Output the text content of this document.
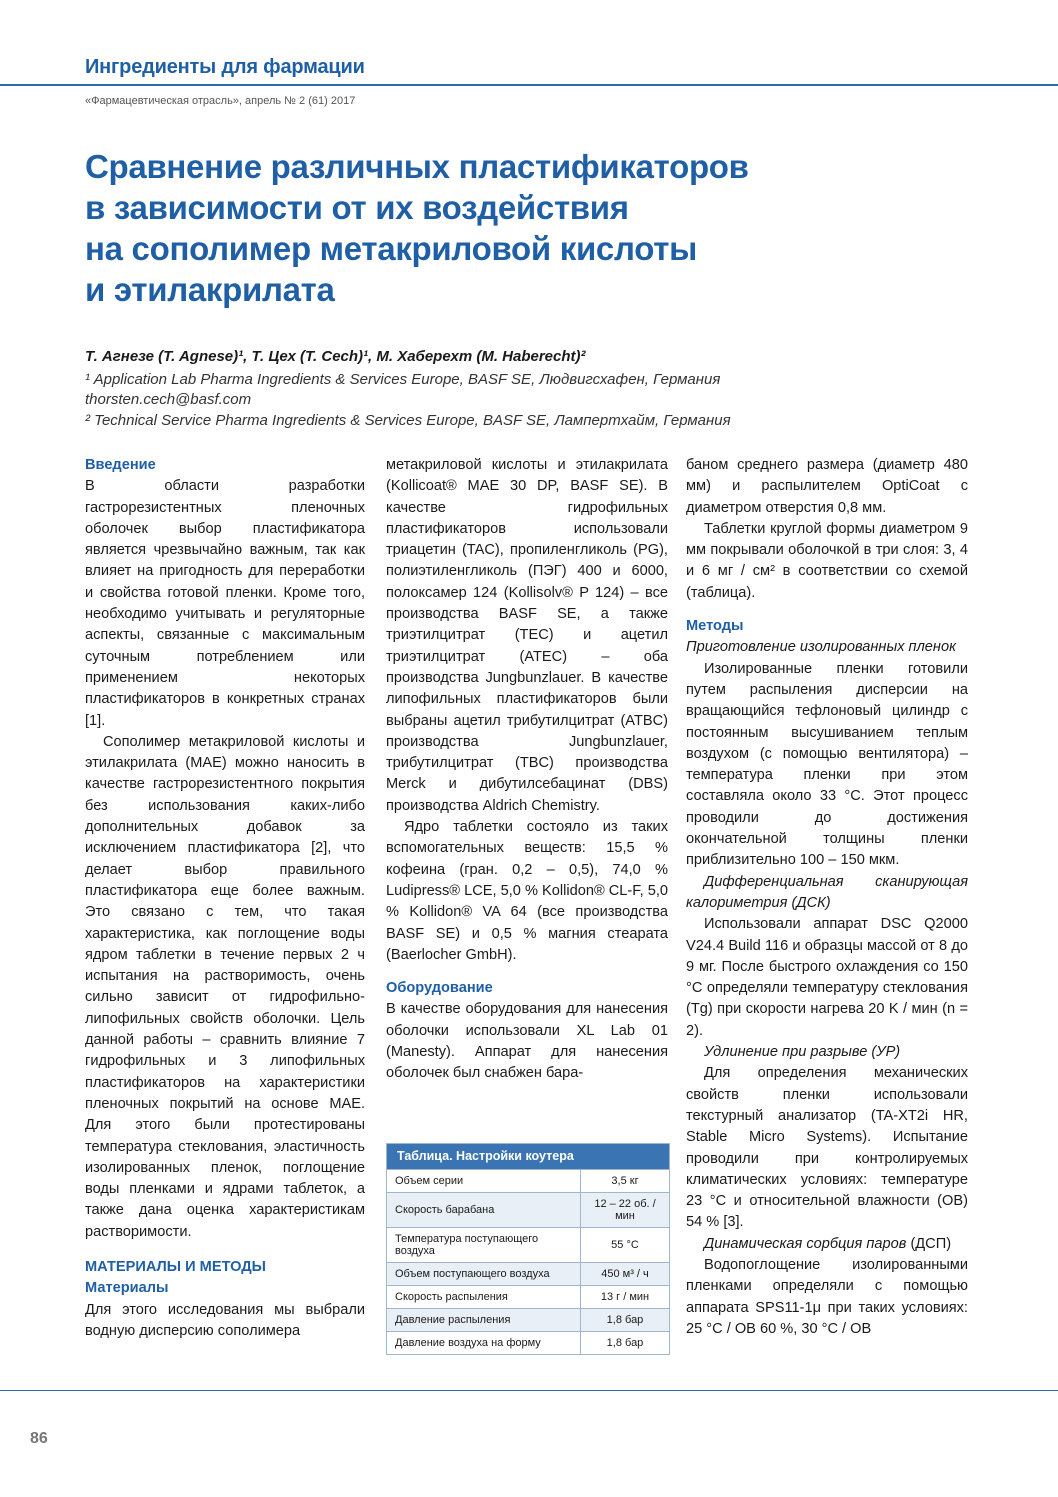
Ингредиенты для фармации
«Фармацевтическая отрасль», апрель № 2 (61) 2017
Сравнение различных пластификаторов
в зависимости от их воздействия
на сополимер метакриловой кислоты
и этилакрилата
Т. Агнезе (T. Agnese)¹, Т. Цех (T. Cech)¹, М. Хаберехт (M. Haberecht)²
¹ Application Lab Pharma Ingredients & Services Europe, BASF SE, Людвигсхафен, Германия
thorsten.cech@basf.com
² Technical Service Pharma Ingredients & Services Europe, BASF SE, Лампертхайм, Германия

Введение

В области разработки гастрорезистентных пленочных оболочек выбор пластификатора является чрезвычайно важным, так как влияет на пригодность для переработки и свойства готовой пленки. Кроме того, необходимо учитывать и регуляторные аспекты, связанные с максимальным суточным потреблением или применением некоторых пластификаторов в конкретных странах [1].

Сополимер метакриловой кислоты и этилакрилата (MAE) можно наносить в качестве гастрорезистентного покрытия без использования каких-либо дополнительных добавок за исключением пластификатора [2], что делает выбор правильного пластификатора еще более важным. Это связано с тем, что такая характеристика, как поглощение воды ядром таблетки в течение первых 2 ч испытания на растворимость, очень сильно зависит от гидрофильно-липофильных свойств оболочки. Цель данной работы – сравнить влияние 7 гидрофильных и 3 липофильных пластификаторов на характеристики пленочных покрытий на основе MAE. Для этого были протестированы температура стеклования, эластичность изолированных пленок, поглощение воды пленками и ядрами таблеток, а также дана оценка характеристикам растворимости.

МАТЕРИАЛЫ И МЕТОДЫ

Материалы

Для этого исследования мы выбрали водную дисперсию сополимера

метакриловой кислоты и этилакрилата (Kollicoat® MAE 30 DP, BASF SE). В качестве гидрофильных пластификаторов использовали триацетин (TAC), пропиленгликоль (PG), полиэтиленгликоль (ПЭГ) 400 и 6000, полоксамер 124 (Kollisolv® P 124) – все производства BASF SE, а также триэтилцитрат (TEC) и ацетил триэтилцитрат (ATEC) – оба производства Jungbunzlauer. В качестве липофильных пластификаторов были выбраны ацетил трибутилцитрат (ATBC) производства Jungbunzlauer, трибутилцитрат (TBC) производства Merck и дибутилсебацинат (DBS) производства Aldrich Chemistry.

Ядро таблетки состояло из таких вспомогательных веществ: 15,5 % кофеина (гран. 0,2 – 0,5), 74,0 % Ludipress® LCE, 5,0 % Kollidon® CL-F, 5,0 % Kollidon® VA 64 (все производства BASF SE) и 0,5 % магния стеарата (Baerlocher GmbH).

Оборудование

В качестве оборудования для нанесения оболочки использовали XL Lab 01 (Manesty). Аппарат для нанесения оболочек был снабжен бара-

Таблица. Настройки коутера
Объем серии	3,5 кг
Скорость барабана	12 – 22 об. / мин
Температура поступающего воздуха	55 °C
Объем поступающего воздуха	450 м³ / ч
Скорость распыления	13 г / мин
Давление распыления	1,8 бар
Давление воздуха на форму	1,8 бар

баном среднего размера (диаметр 480 мм) и распылителем OptiCoat с диаметром отверстия 0,8 мм.

Таблетки круглой формы диаметром 9 мм покрывали оболочкой в три слоя: 3, 4 и 6 мг / см² в соответствии со схемой (таблица).

Методы

Приготовление изолированных пленок

Изолированные пленки готовили путем распыления дисперсии на вращающийся тефлоновый цилиндр с постоянным высушиванием теплым воздухом (с помощью вентилятора) – температура пленки при этом составляла около 33 °C. Этот процесс проводили до достижения окончательной толщины пленки приблизительно 100 – 150 мкм.

Дифференциальная сканирующая калориметрия (ДСК)

Использовали аппарат DSC Q2000 V24.4 Build 116 и образцы массой от 8 до 9 мг. После быстрого охлаждения со 150 °C определяли температуру стеклования (Tg) при скорости нагрева 20 K / мин (n = 2).

Удлинение при разрыве (УР)

Для определения механических свойств пленки использовали текстурный анализатор (TA-XT2i HR, Stable Micro Systems). Испытание проводили при контролируемых климатических условиях: температуре 23 °C и относительной влажности (ОВ) 54 % [3].

Динамическая сорбция паров (ДСП)

Водопоглощение изолированными пленками определяли с помощью аппарата SPS11-1μ при таких условиях: 25 °C / ОВ 60 %, 30 °C / ОВ

86
